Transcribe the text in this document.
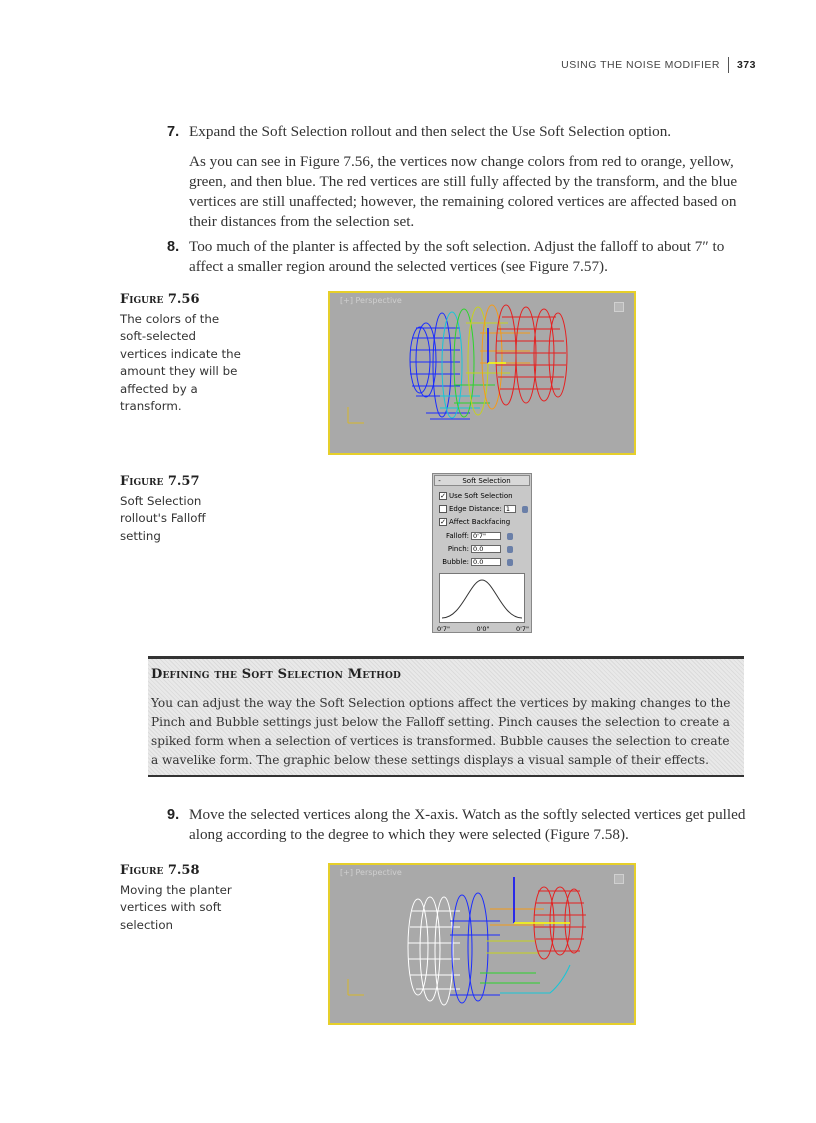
USING THE NOISE MODIFIER	373
7. Expand the Soft Selection rollout and then select the Use Soft Selection option.
As you can see in Figure 7.56, the vertices now change colors from red to orange, yellow, green, and then blue. The red vertices are still fully affected by the transform, and the blue vertices are still unaffected; however, the remaining colored vertices are affected based on their distances from the selection set.
8. Too much of the planter is affected by the soft selection. Adjust the falloff to about 7″ to affect a smaller region around the selected vertices (see Figure 7.57).
Figure 7.56
The colors of the soft-selected vertices indicate the amount they will be affected by a transform.
[+] Perspective
Figure 7.57
Soft Selection rollout's Falloff setting
-	Soft Selection
✓ Use Soft Selection
Edge Distance: 1
✓ Affect Backfacing
Falloff: 0'7"
Pinch: 0.0
Bubble: 0.0
0'7"	0'0"	0'7"
Defining the Soft Selection Method
You can adjust the way the Soft Selection options affect the vertices by making changes to the Pinch and Bubble settings just below the Falloff setting. Pinch causes the selection to create a spiked form when a selection of vertices is transformed. Bubble causes the selection to create a wavelike form. The graphic below these settings displays a visual sample of their effects.
9. Move the selected vertices along the X-axis. Watch as the softly selected vertices get pulled along according to the degree to which they were selected (Figure 7.58).
Figure 7.58
Moving the planter vertices with soft selection
[+] Perspective
